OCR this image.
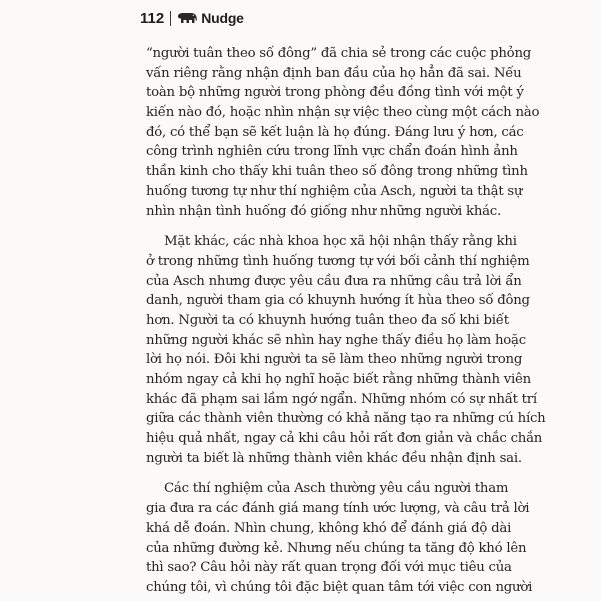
112	Nudge
“người tuân theo số đông” đã chia sẻ trong các cuộc phỏng
vấn riêng rằng nhận định ban đầu của họ hẳn đã sai. Nếu
toàn bộ những người trong phòng đều đồng tình với một ý
kiến nào đó, hoặc nhìn nhận sự việc theo cùng một cách nào
đó, có thể bạn sẽ kết luận là họ đúng. Đáng lưu ý hơn, các
công trình nghiên cứu trong lĩnh vực chẩn đoán hình ảnh
thần kinh cho thấy khi tuân theo số đông trong những tình
huống tương tự như thí nghiệm của Asch, người ta thật sự
nhìn nhận tình huống đó giống như những người khác.
Mặt khác, các nhà khoa học xã hội nhận thấy rằng khi
ở trong những tình huống tương tự với bối cảnh thí nghiệm
của Asch nhưng được yêu cầu đưa ra những câu trả lời ẩn
danh, người tham gia có khuynh hướng ít hùa theo số đông
hơn. Người ta có khuynh hướng tuân theo đa số khi biết
những người khác sẽ nhìn hay nghe thấy điều họ làm hoặc
lời họ nói. Đôi khi người ta sẽ làm theo những người trong
nhóm ngay cả khi họ nghĩ hoặc biết rằng những thành viên
khác đã phạm sai lầm ngớ ngẩn. Những nhóm có sự nhất trí
giữa các thành viên thường có khả năng tạo ra những cú hích
hiệu quả nhất, ngay cả khi câu hỏi rất đơn giản và chắc chắn
người ta biết là những thành viên khác đều nhận định sai.
Các thí nghiệm của Asch thường yêu cầu người tham
gia đưa ra các đánh giá mang tính ước lượng, và câu trả lời
khá dễ đoán. Nhìn chung, không khó để đánh giá độ dài
của những đường kẻ. Nhưng nếu chúng ta tăng độ khó lên
thì sao? Câu hỏi này rất quan trọng đối với mục tiêu của
chúng tôi, vì chúng tôi đặc biệt quan tâm tới việc con người
